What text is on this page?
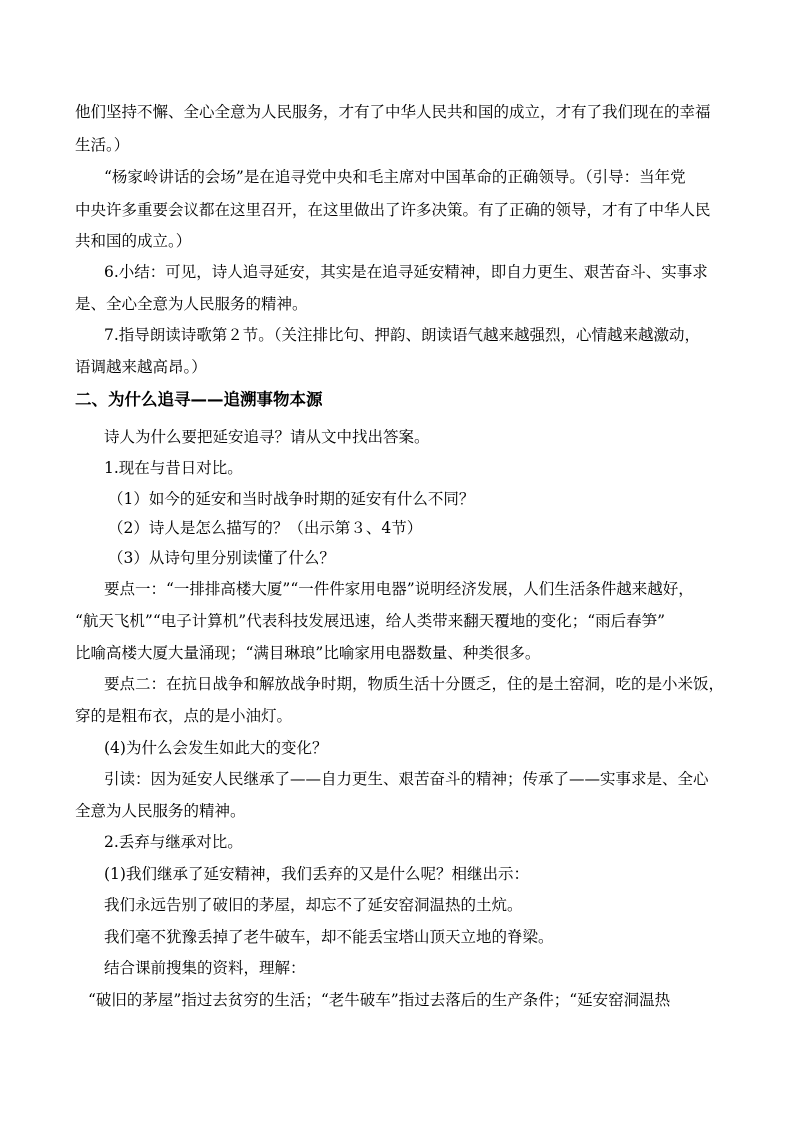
他们坚持不懈、全心全意为人民服务，才有了中华人民共和国的成立，才有了我们现在的幸福
生活。）
“杨家岭讲话的会场”是在追寻党中央和毛主席对中国革命的正确领导。（引导：当年党
中央许多重要会议都在这里召开，在这里做出了许多决策。有了正确的领导，才有了中华人民
共和国的成立。）
6.小结：可见，诗人追寻延安，其实是在追寻延安精神，即自力更生、艰苦奋斗、实事求
是、全心全意为人民服务的精神。
7.指导朗读诗歌第２节。（关注排比句、押韵、朗读语气越来越强烈，心情越来越激动，
语调越来越高昂。）
二、为什么追寻——追溯事物本源
诗人为什么要把延安追寻？请从文中找出答案。
1.现在与昔日对比。
（1）如今的延安和当时战争时期的延安有什么不同？
（2）诗人是怎么描写的？（出示第３、4节）
（3）从诗句里分别读懂了什么？
要点一：“一排排高楼大厦”“一件件家用电器”说明经济发展，人们生活条件越来越好，
“航天飞机”“电子计算机”代表科技发展迅速，给人类带来翻天覆地的变化；“雨后春笋”
比喻高楼大厦大量涌现；“满目琳琅”比喻家用电器数量、种类很多。
要点二：在抗日战争和解放战争时期，物质生活十分匮乏，住的是土窑洞，吃的是小米饭，
穿的是粗布衣，点的是小油灯。
(4)为什么会发生如此大的变化？
引读：因为延安人民继承了——自力更生、艰苦奋斗的精神；传承了——实事求是、全心
全意为人民服务的精神。
2.丢弃与继承对比。
(1)我们继承了延安精神，我们丢弃的又是什么呢？相继出示：
我们永远告别了破旧的茅屋，却忘不了延安窑洞温热的土炕。
我们毫不犹豫丢掉了老牛破车，却不能丢宝塔山顶天立地的脊梁。
结合课前搜集的资料，理解：
“破旧的茅屋”指过去贫穷的生活；“老牛破车”指过去落后的生产条件；“延安窑洞温热
